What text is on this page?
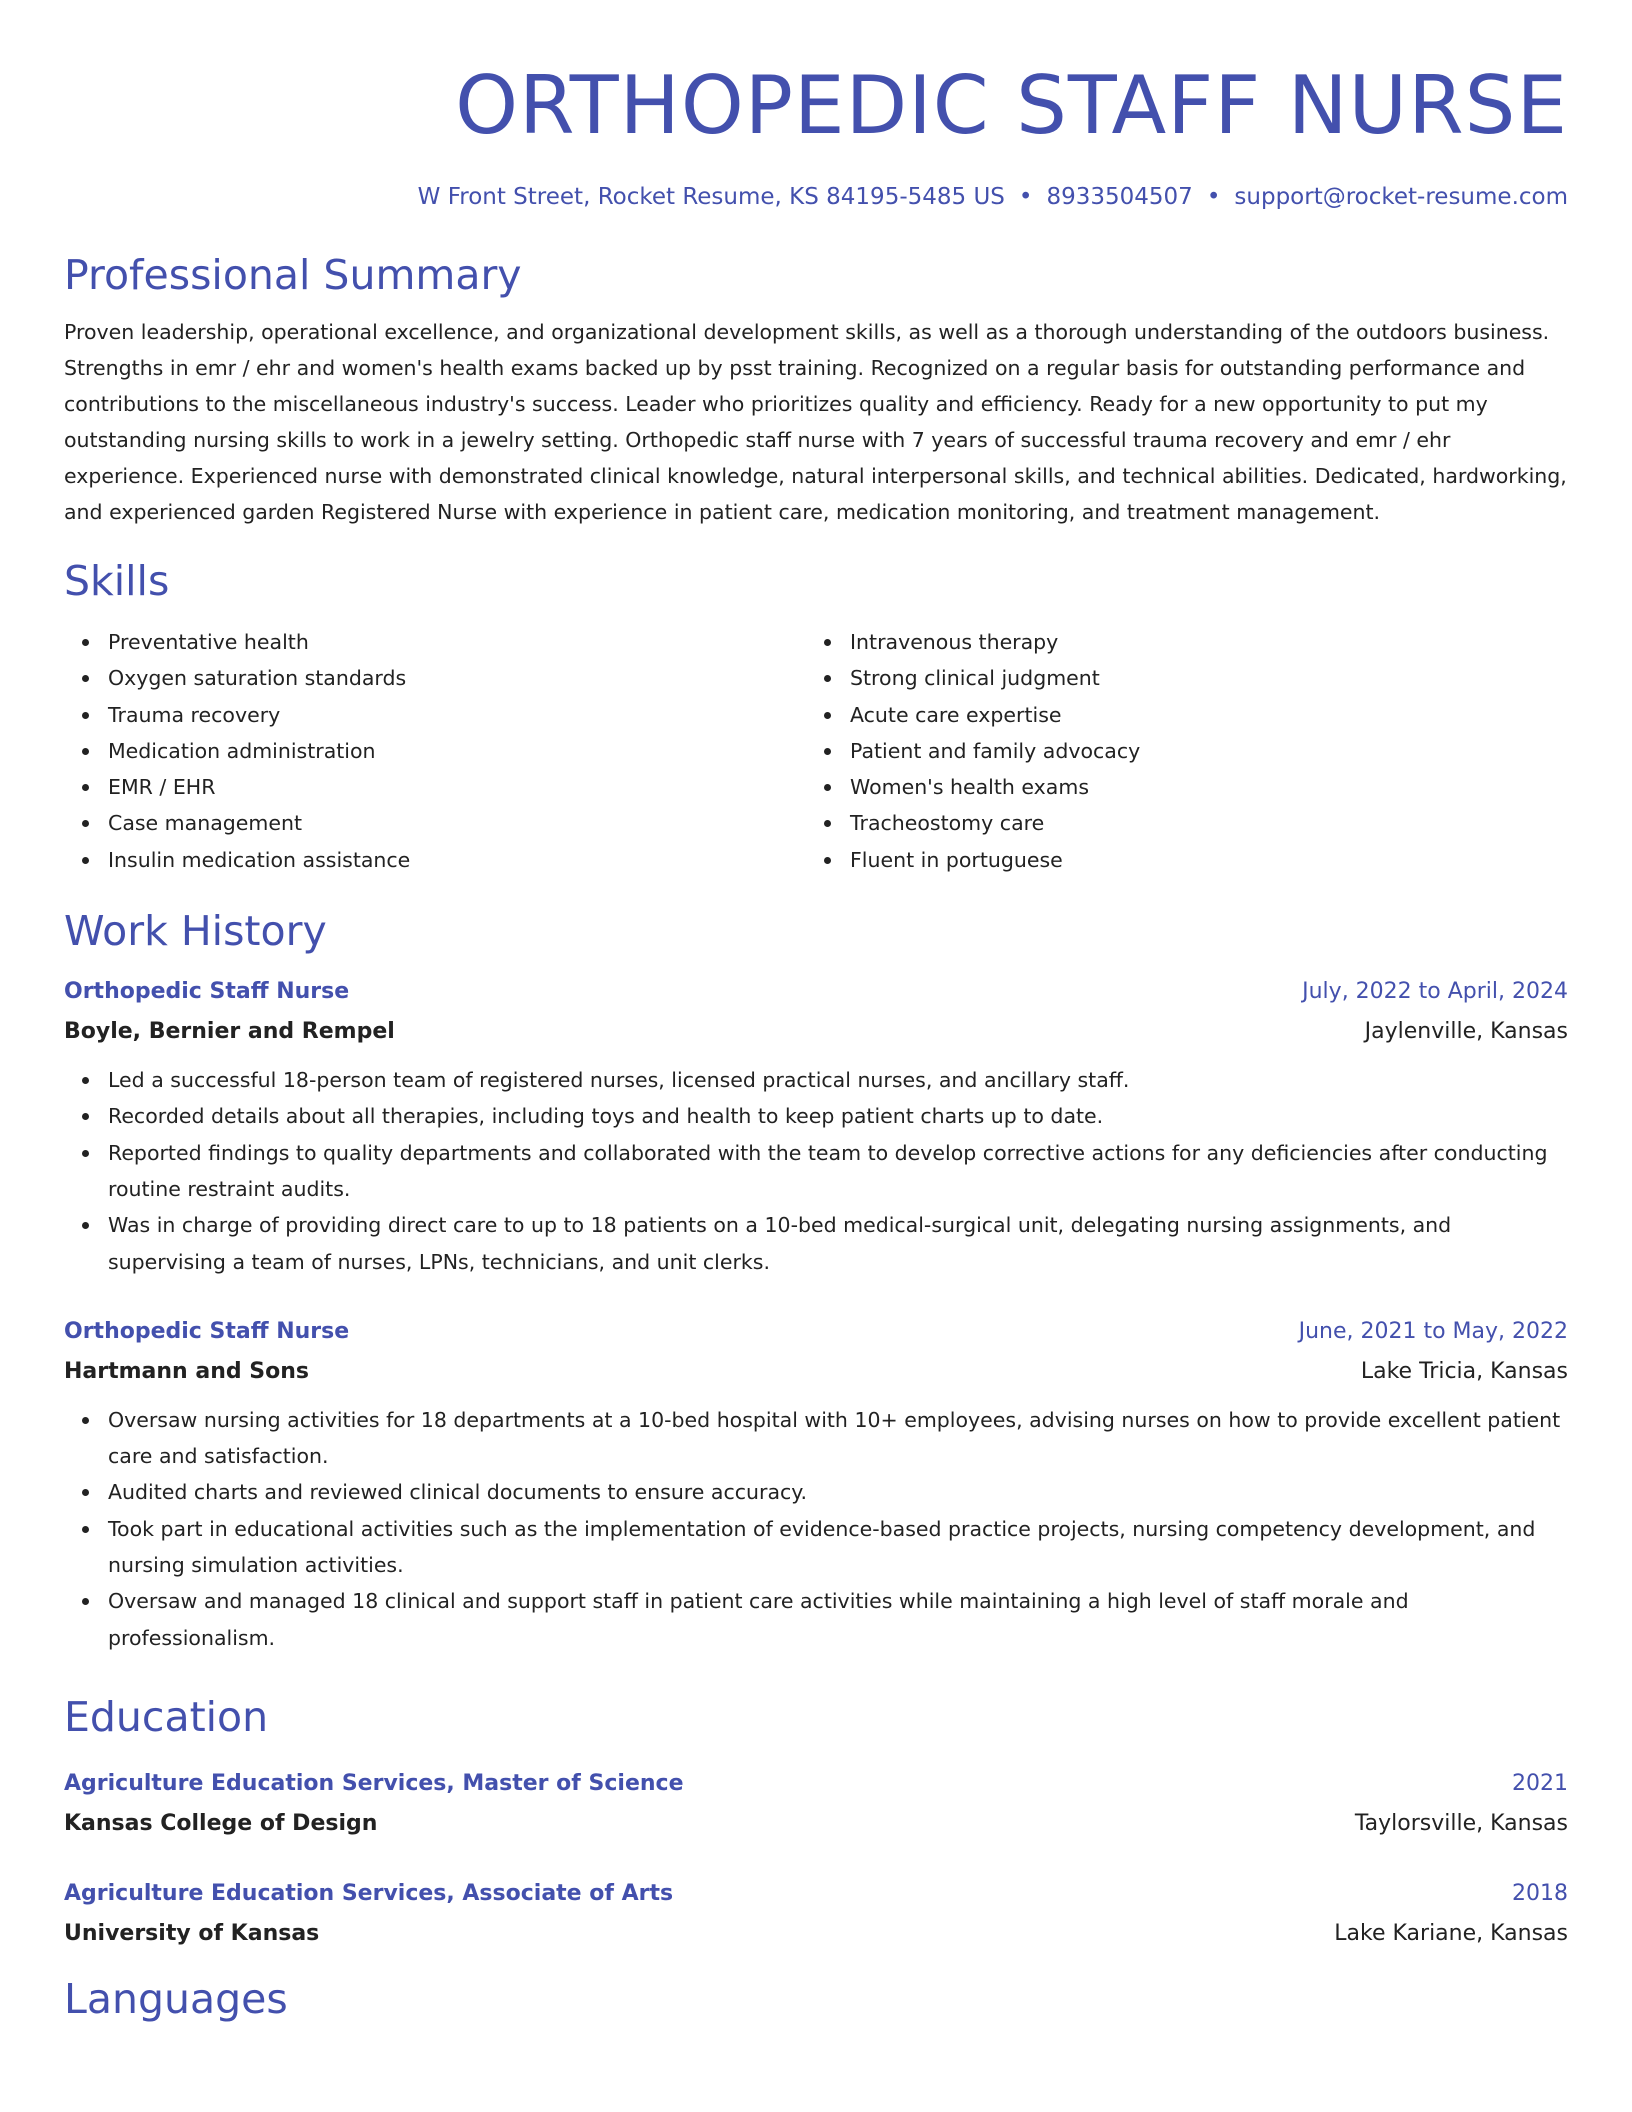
ORTHOPEDIC STAFF NURSE
W Front Street, Rocket Resume, KS 84195-5485 US • 8933504507 • support@rocket-resume.com
Professional Summary

Proven leadership, operational excellence, and organizational development skills, as well as a thorough understanding of the outdoors business. Strengths in emr / ehr and women's health exams backed up by psst training. Recognized on a regular basis for outstanding performance and contributions to the miscellaneous industry's success. Leader who prioritizes quality and efficiency. Ready for a new opportunity to put my outstanding nursing skills to work in a jewelry setting. Orthopedic staff nurse with 7 years of successful trauma recovery and emr / ehr experience. Experienced nurse with demonstrated clinical knowledge, natural interpersonal skills, and technical abilities. Dedicated, hardworking, and experienced garden Registered Nurse with experience in patient care, medication monitoring, and treatment management.

Skills
Preventative health
Oxygen saturation standards
Trauma recovery
Medication administration
EMR / EHR
Case management
Insulin medication assistance
Intravenous therapy
Strong clinical judgment
Acute care expertise
Patient and family advocacy
Women's health exams
Tracheostomy care
Fluent in portuguese
Work History
Orthopedic Staff Nurse	July, 2022 to April, 2024
Boyle, Bernier and Rempel	Jaylenville, Kansas
Led a successful 18-person team of registered nurses, licensed practical nurses, and ancillary staff.
Recorded details about all therapies, including toys and health to keep patient charts up to date.
Reported findings to quality departments and collaborated with the team to develop corrective actions for any deficiencies after conducting routine restraint audits.
Was in charge of providing direct care to up to 18 patients on a 10-bed medical-surgical unit, delegating nursing assignments, and supervising a team of nurses, LPNs, technicians, and unit clerks.
Orthopedic Staff Nurse	June, 2021 to May, 2022
Hartmann and Sons	Lake Tricia, Kansas
Oversaw nursing activities for 18 departments at a 10-bed hospital with 10+ employees, advising nurses on how to provide excellent patient care and satisfaction.
Audited charts and reviewed clinical documents to ensure accuracy.
Took part in educational activities such as the implementation of evidence-based practice projects, nursing competency development, and nursing simulation activities.
Oversaw and managed 18 clinical and support staff in patient care activities while maintaining a high level of staff morale and professionalism.
Education
Agriculture Education Services, Master of Science	2021
Kansas College of Design	Taylorsville, Kansas
Agriculture Education Services, Associate of Arts	2018
University of Kansas	Lake Kariane, Kansas
Languages
